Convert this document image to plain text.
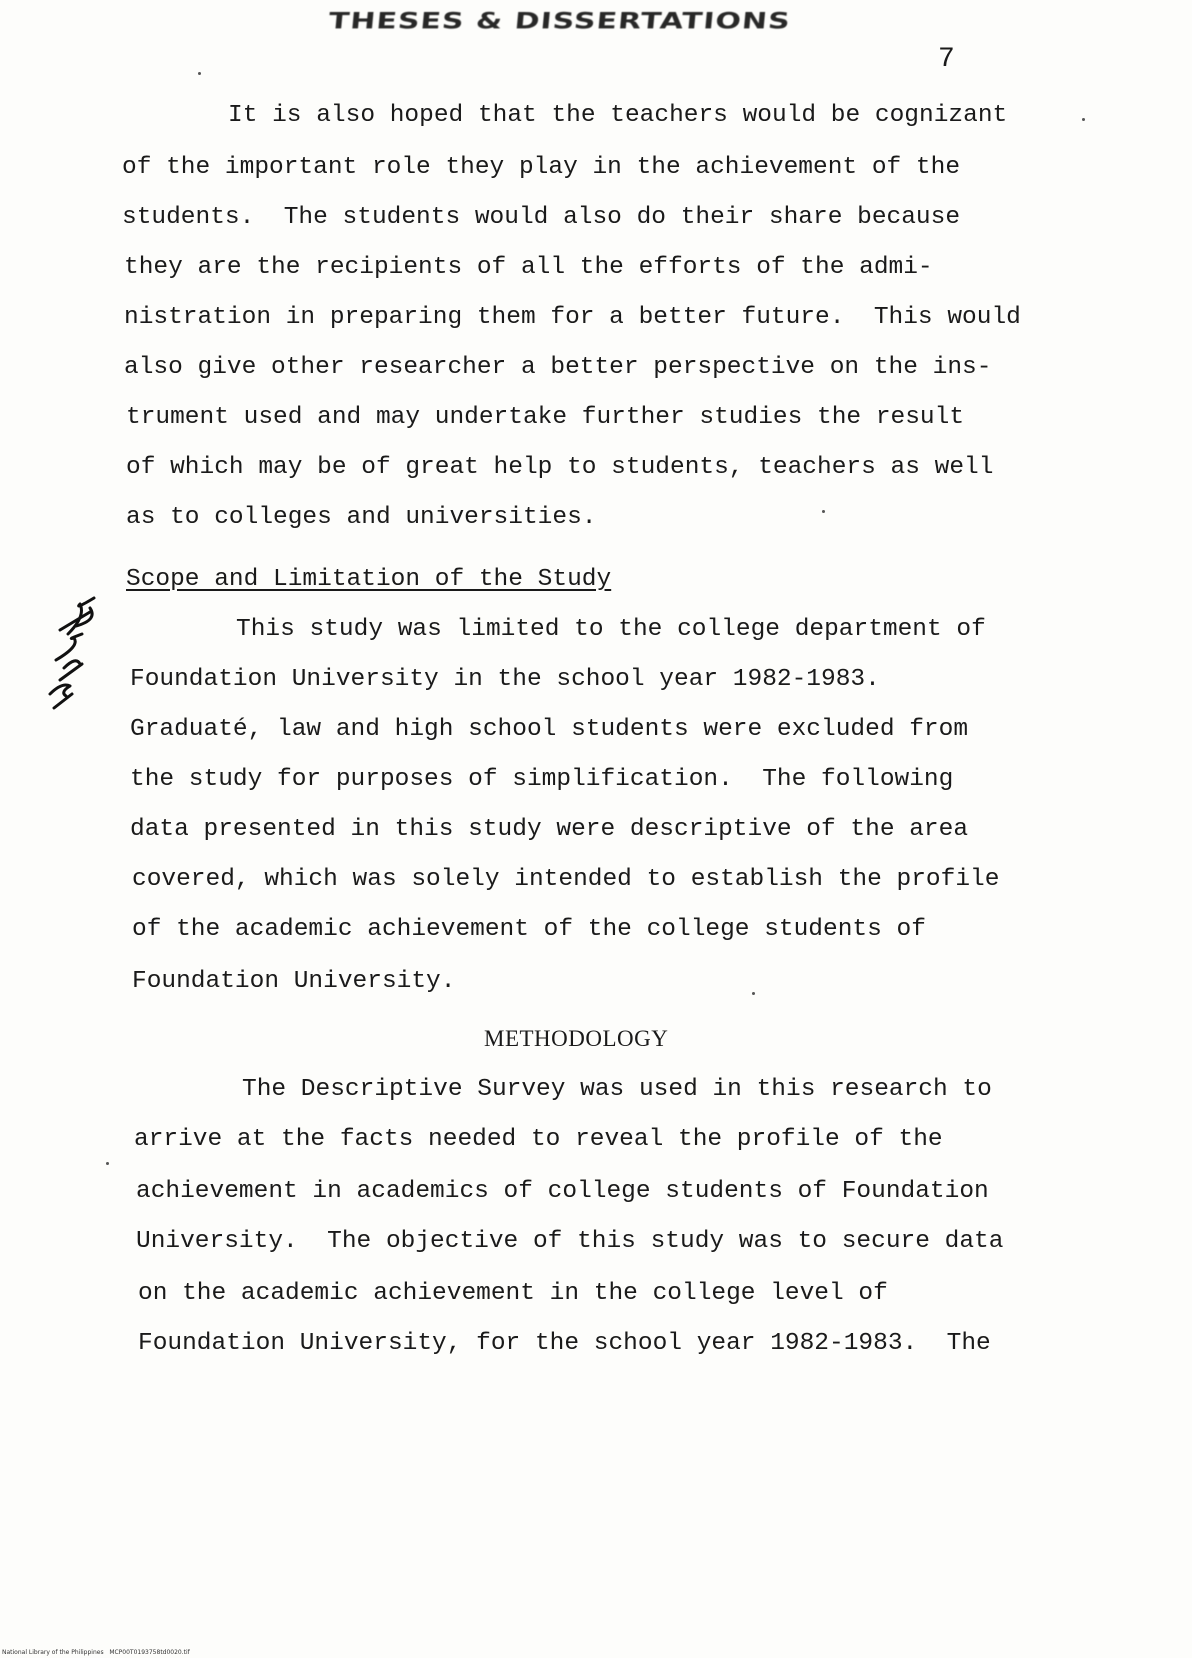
THESES & DISSERTATIONS
7
It is also hoped that the teachers would be cognizant
of the important role they play in the achievement of the
students.  The students would also do their share because
they are the recipients of all the efforts of the admi-
nistration in preparing them for a better future.  This would
also give other researcher a better perspective on the ins-
trument used and may undertake further studies the result
of which may be of great help to students, teachers as well
as to colleges and universities.
Scope and Limitation of the Study
This study was limited to the college department of
Foundation University in the school year 1982-1983.
Graduaté, law and high school students were excluded from
the study for purposes of simplification.  The following
data presented in this study were descriptive of the area
covered, which was solely intended to establish the profile
of the academic achievement of the college students of
Foundation University.
METHODOLOGY
The Descriptive Survey was used in this research to
arrive at the facts needed to reveal the profile of the
achievement in academics of college students of Foundation
University.  The objective of this study was to secure data
on the academic achievement in the college level of
Foundation University, for the school year 1982-1983.  The
National Library of the Philippines MCP00T0193758td0020.tif
